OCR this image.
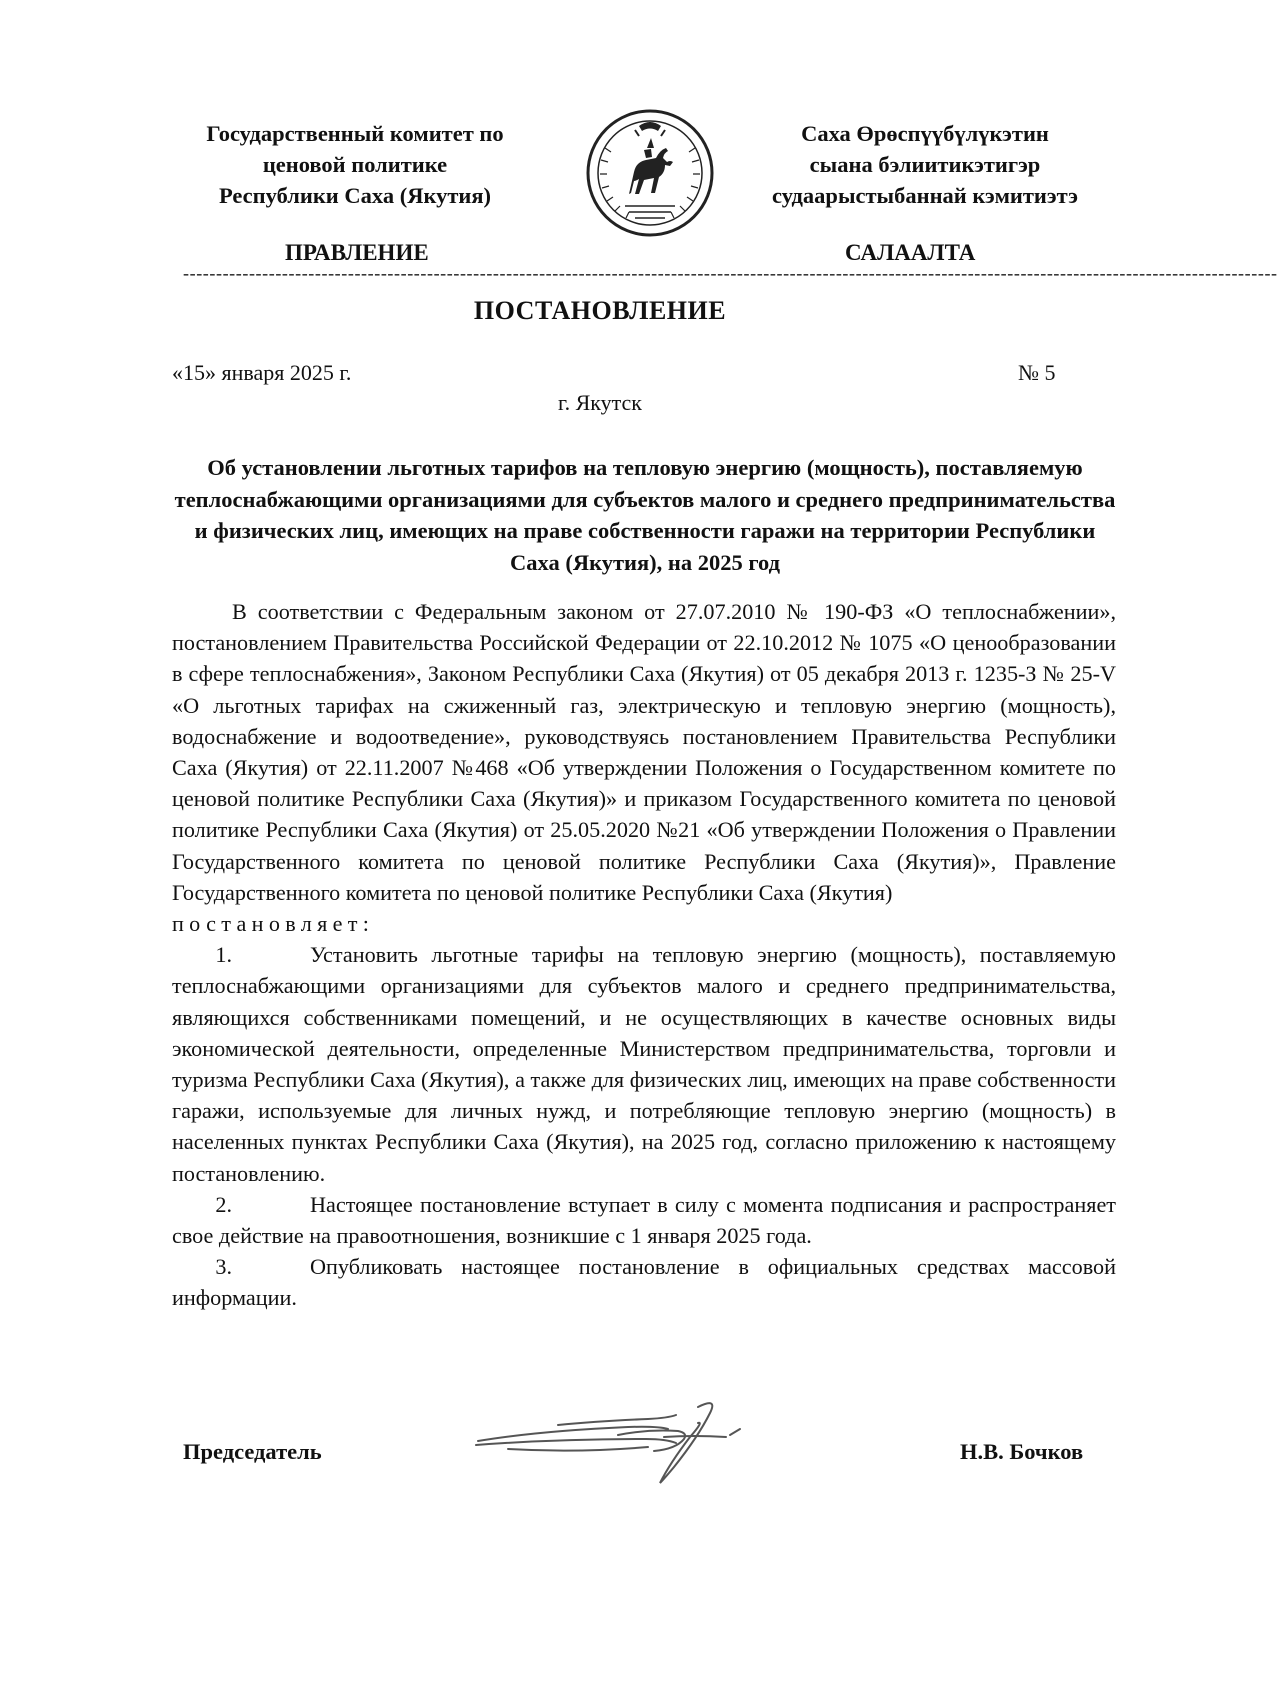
Государственный комитет по
ценовой политике
Республики Саха (Якутия)
Саха Өрөспүүбүлүкэтин
сыана бэлиитикэтигэр
судаарыстыбаннай кэмитиэтэ
ПРАВЛЕНИЕ	САЛААЛТА
----------------------------------------------------------------------------------------------------------------------------------------------------------------------
ПОСТАНОВЛЕНИЕ
«15» января 2025 г.	№ 5
г. Якутск
Об установлении льготных тарифов на тепловую энергию (мощность), поставляемую теплоснабжающими организациями для субъектов малого и среднего предпринимательства и физических лиц, имеющих на праве собственности гаражи на территории Республики Саха (Якутия), на 2025 год

В соответствии с Федеральным законом от 27.07.2010 № 190-ФЗ «О теплоснабжении», постановлением Правительства Российской Федерации от 22.10.2012 № 1075 «О ценообразовании в сфере теплоснабжения», Законом Республики Саха (Якутия) от 05 декабря 2013 г. 1235-З № 25-V «О льготных тарифах на сжиженный газ, электрическую и тепловую энергию (мощность), водоснабжение и водоотведение», руководствуясь постановлением Правительства Республики Саха (Якутия) от 22.11.2007 №468 «Об утверждении Положения о Государственном комитете по ценовой политике Республики Саха (Якутия)» и приказом Государственного комитета по ценовой политике Республики Саха (Якутия) от 25.05.2020 №21 «Об утверждении Положения о Правлении Государственного комитета по ценовой политике Республики Саха (Якутия)», Правление Государственного комитета по ценовой политике Республики Саха (Якутия)

постановляет:

1.	Установить льготные тарифы на тепловую энергию (мощность), поставляемую теплоснабжающими организациями для субъектов малого и среднего предпринимательства, являющихся собственниками помещений, и не осуществляющих в качестве основных виды экономической деятельности, определенные Министерством предпринимательства, торговли и туризма Республики Саха (Якутия), а также для физических лиц, имеющих на праве собственности гаражи, используемые для личных нужд, и потребляющие тепловую энергию (мощность) в населенных пунктах Республики Саха (Якутия), на 2025 год, согласно приложению к настоящему постановлению.

2.	Настоящее постановление вступает в силу с момента подписания и распространяет свое действие на правоотношения, возникшие с 1 января 2025 года.

3.	Опубликовать настоящее постановление в официальных средствах массовой информации.

Председатель	Н.В. Бочков
